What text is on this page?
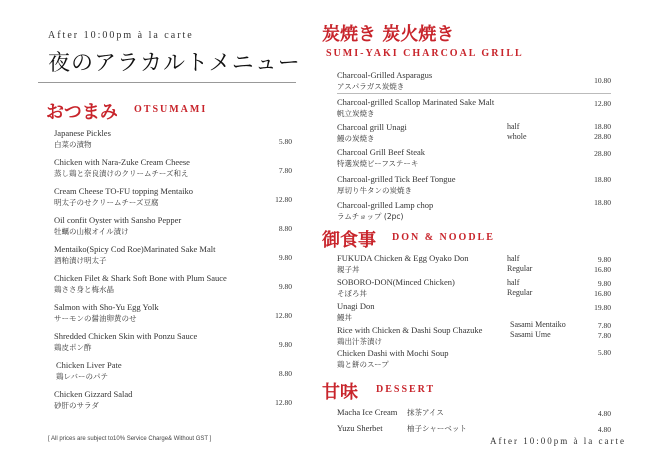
After 10:00pm à la carte
夜のアラカルトメニュー
おつまみ OTSUMAMI
Japanese Pickles
白菜の漬物	5.80
Chicken with Nara-Zuke Cream Cheese
蒸し鶏と奈良漬けのクリームチーズ和え	7.80
Cream Cheese TO-FU topping Mentaiko
明太子のせクリームチーズ豆腐	12.80
Oil confit Oyster with Sansho Pepper
牡蠣の山椒オイル漬け	8.80
Mentaiko(Spicy Cod Roe)Marinated Sake Malt
酒粕漬け明太子	9.80
Chicken Filet & Shark Soft Bone with Plum Sauce
鶏ささ身と梅水晶	9.80
Salmon with Sho-Yu Egg Yolk
サーモンの醤油卵黄のせ	12.80
Shredded Chicken Skin with Ponzu Sauce
鶏皮ポン酢	9.80
Chicken Liver Pate
鶏レバーのパテ	8.80
Chicken Gizzard Salad
砂肝のサラダ	12.80
[ All prices are subject to10% Service Charge& Without GST ]
炭焼き 炭火焼き
SUMI-YAKI CHARCOAL GRILL
Charcoal-Grilled Asparagus
アスパラガス炭焼き
10.80
Charcoal-grilled Scallop Marinated Sake Malt
帆立炭焼き
12.80
Charcoal grill Unagi
鰻の炭焼き
half	18.80
whole	28.80
Charcoal Grill Beef Steak
特選炭焼ビーフステーキ
28.80
Charcoal-grilled Tick Beef Tongue
厚切り牛タンの炭焼き
18.80
Charcoal-grilled Lamp chop
ラムチョップ (2pc)
18.80
御食事 DON & NOODLE
FUKUDA Chicken & Egg Oyako Don
親子丼
half	9.80
Regular	16.80
SOBORO-DON(Minced Chicken)
そぼろ丼
half	9.80
Regular	16.80
Unagi Don
鰻丼
19.80
Rice with Chicken & Dashi Soup Chazuke
鶏出汁茶漬け
Sasami Mentaiko	7.80
Sasami Ume	7.80
Chicken Dashi with Mochi Soup
鶏と餅のスープ
5.80
甘味 DESSERT
Macha Ice Cream 抹茶アイス	4.80
Yuzu Sherbet	柚子シャーベット	4.80
After 10:00pm à la carte
